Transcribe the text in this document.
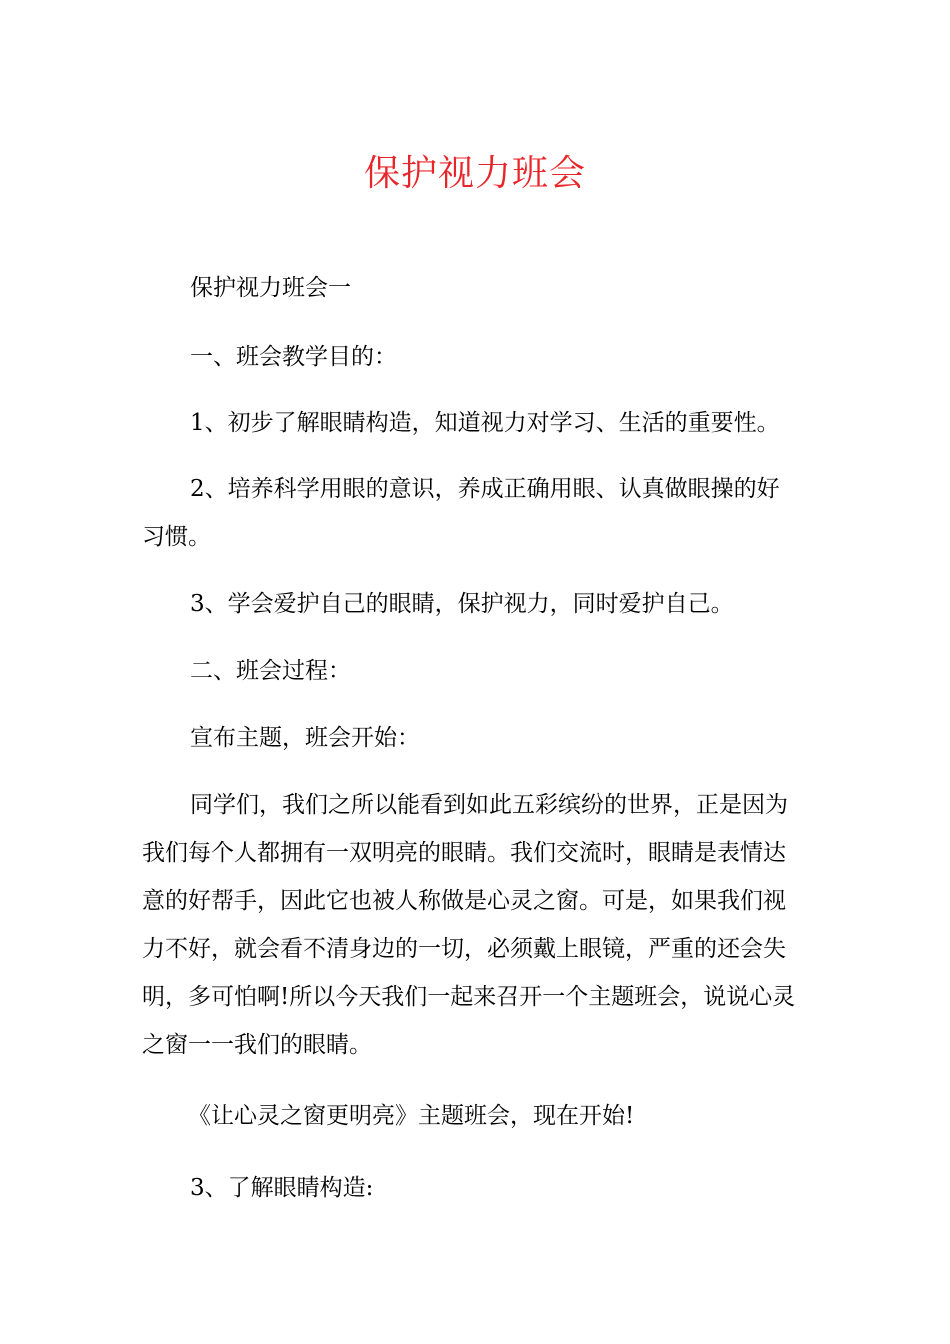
保护视力班会

保护视力班会一

一、班会教学目的：

1、初步了解眼睛构造，知道视力对学习、生活的重要性。

2、培养科学用眼的意识，养成正确用眼、认真做眼操的好

习惯。

3、学会爱护自己的眼睛，保护视力，同时爱护自己。

二、班会过程：

宣布主题，班会开始：

同学们，我们之所以能看到如此五彩缤纷的世界，正是因为

我们每个人都拥有一双明亮的眼睛。我们交流时，眼睛是表情达

意的好帮手，因此它也被人称做是心灵之窗。可是，如果我们视

力不好，就会看不清身边的一切，必须戴上眼镜，严重的还会失

明，多可怕啊!所以今天我们一起来召开一个主题班会，说说心灵

之窗一一我们的眼睛。

《让心灵之窗更明亮》主题班会，现在开始!

3、了解眼睛构造:
